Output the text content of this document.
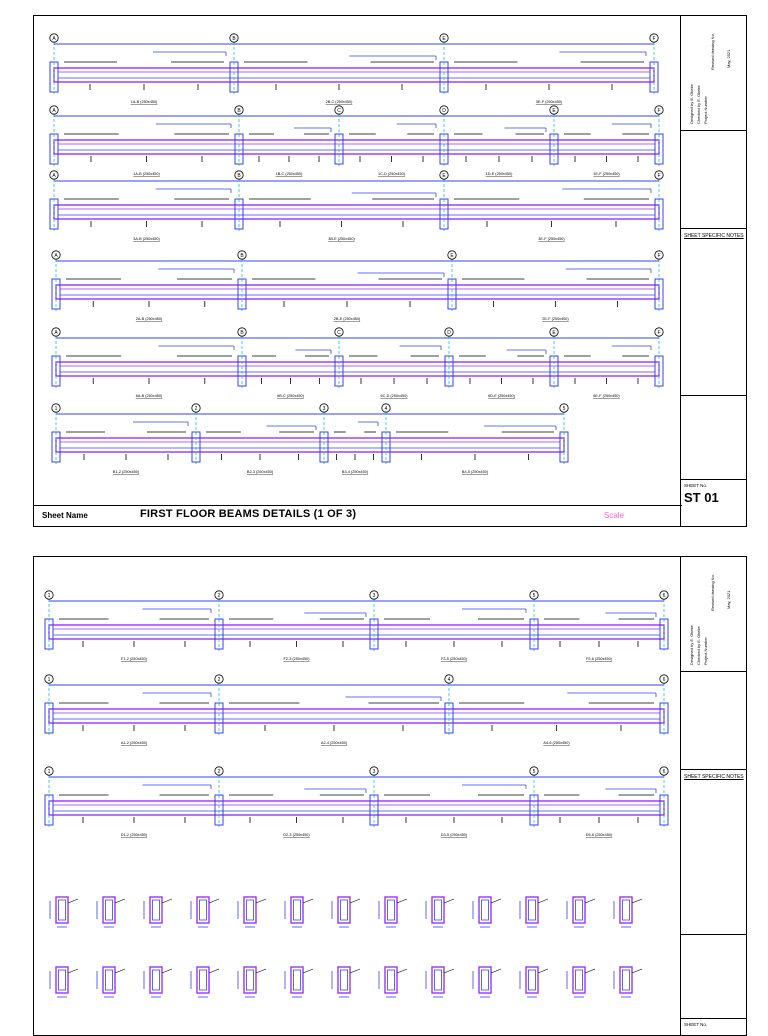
A	B	E	F
1A-B (250x450)	2B-C (250x450)	3E-F (250x450)
A	B	C	D	E	F
1A-B (250x450)	1B-C (250x450)	1C-D (250x450)	1D-E (250x450)	1E-F (250x450)
A	B	E	F
3A-B (250x450)	3B-E (250x450)	3E-F (250x450)
A	B	E	F
2A-B (250x450)	2B-E (250x450)	2E-F (250x450)
A	B	C	D	E	F
6A-B (250x450)	6B-C (250x450)	6C-D (250x450)	6D-E (250x450)	6E-F (250x450)
1	2	3	4	5
B1-2 (250x450)	B2-3 (250x450)	B3-4 (250x450)	B4-5 (250x450)
Designed by E. Okeke Checked by E. Okeke Project Number
Revised drawing No.	May, 2021
SHEET SPECIFIC NOTES
SHEET No.
ST 01
Sheet Name	FIRST FLOOR BEAMS DETAILS (1 OF 3)	Scale
1	2	3	5	6
F1-2 (250x450)	F2-3 (250x450)	F3-5 (250x450)	F5-6 (250x450)
1	2	4	6
A1-2 (250x450)	A2-4 (250x450)	A4-6 (250x450)
1	2	3	5	6
D1-2 (250x450)	D2-3 (250x450)	D3-5 (250x450)	D5-6 (250x450)
Designed by E. Okeke Checked by E. Okeke Project Number
Revised drawing No.	May, 2021
SHEET SPECIFIC NOTES
SHEET No.
